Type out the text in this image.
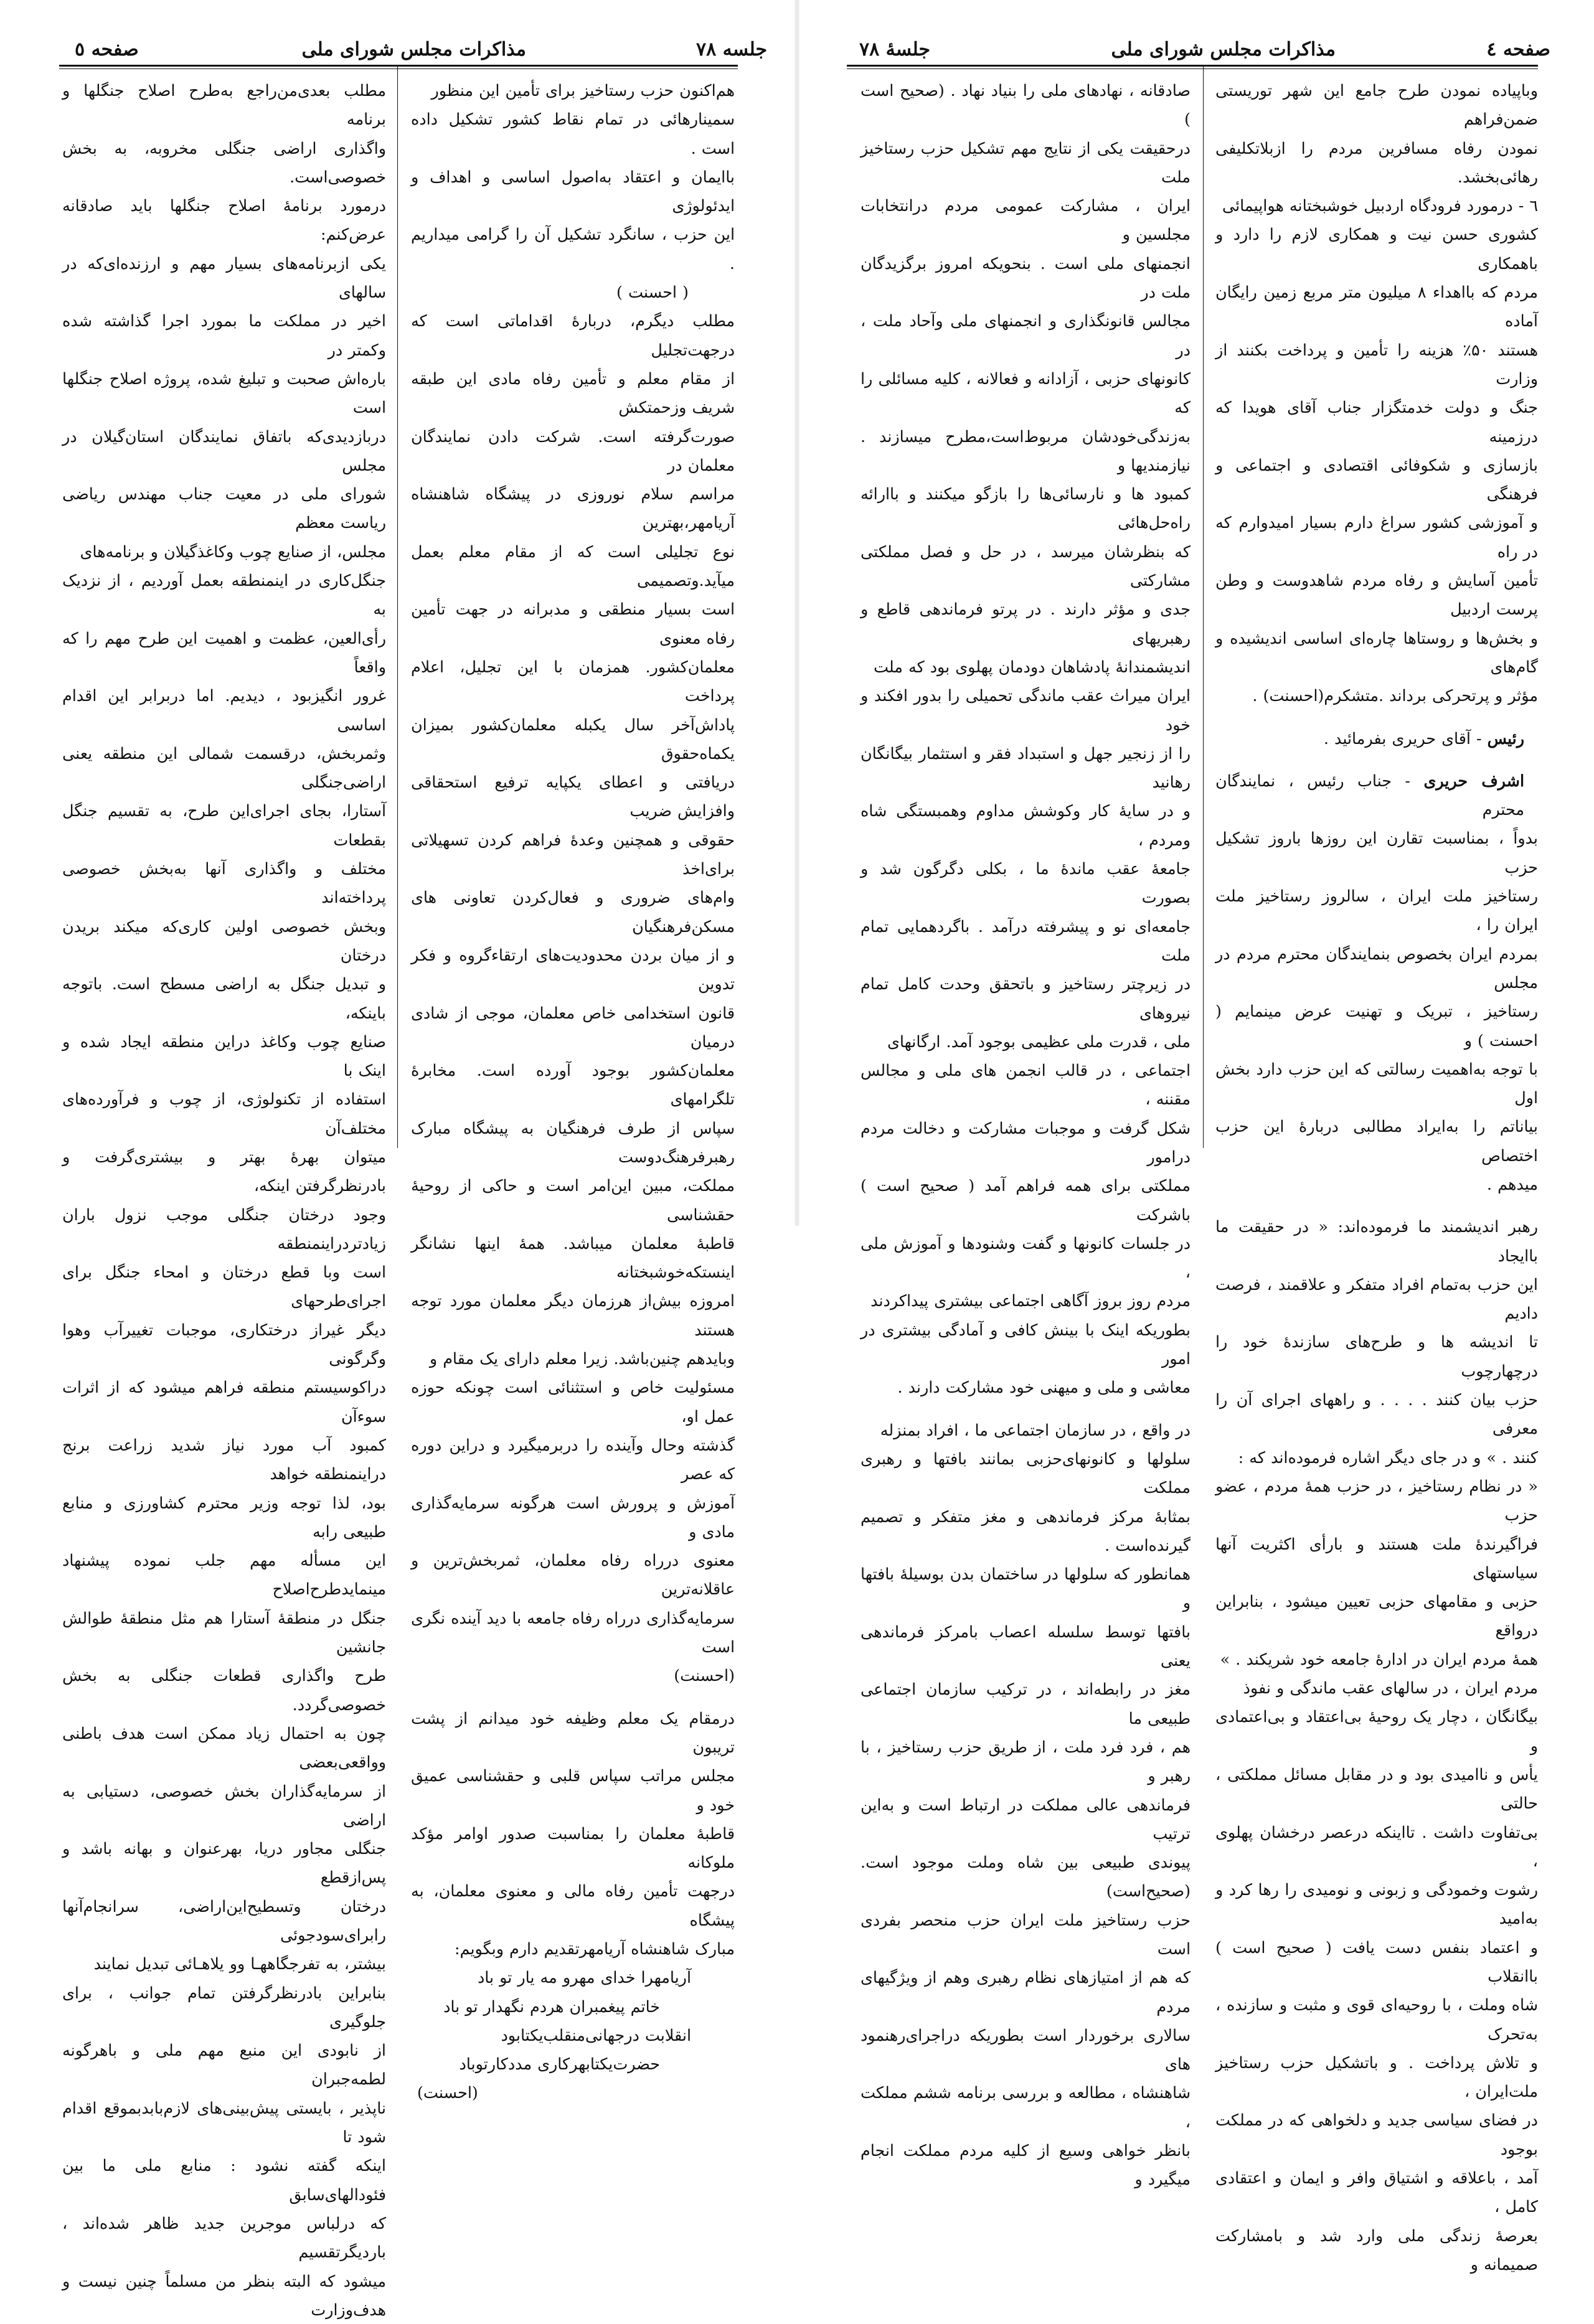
جلسه ۷۸
مذاکرات مجلس شورای ملی
صفحه ٥

هم‌اکنون حزب رستاخیز برای تأمین این منظور

سمینارهائی در تمام نقاط کشور تشکیل داده است .

باایمان و اعتقاد به‌اصول اساسی و اهداف و ایدئولوژی

این حزب ، سانگرد تشکیل آن را گرامی میداریم .

( احسنت )

مطلب دیگرم، دربارهٔ اقداماتی است که درجهت‌تجلیل

از مقام معلم و تأمین رفاه مادی این طبقه شریف وزحمتکش

صورت‌گرفته است. شرکت دادن نمایندگان معلمان در

مراسم سلام نوروزی در پیشگاه شاهنشاه آریامهر،بهترین

نوع تجلیلی است که از مقام معلم بعمل میآید.وتصمیمی

است بسیار منطقی و مدبرانه در جهت تأمین رفاه معنوی

معلمان‌کشور. همزمان با این تجلیل، اعلام پرداخت

پاداش‌آخر سال یکبله معلمان‌کشور بمیزان یکماه‌حقوق

دریافتی و اعطای یکپایه ترفیع استحقاقی وافزایش ضریب

حقوقی و همچنین وعدهٔ فراهم کردن تسهیلاتی برای‌اخذ

وام‌های ضروری و فعال‌کردن تعاونی های مسکن‌فرهنگیان

و از میان بردن محدودیت‌های ارتقاءگروه و فکر تدوین

قانون استخدامی خاص معلمان، موجی از شادی درمیان

معلمان‌کشور بوجود آورده است. مخابرهٔ تلگرامهای

سپاس از طرف فرهنگیان به پیشگاه مبارک رهبرفرهنگ‌دوست

مملکت، مبین این‌امر است و حاکی از روحیهٔ حقشناسی

قاطبهٔ معلمان میباشد. همهٔ اینها نشانگر اینستکه‌خوشبختانه

امروزه بیش‌از هرزمان دیگر معلمان مورد توجه هستند

وبایدهم چنین‌باشد. زیرا معلم دارای یک مقام و

مسئولیت خاص و استثنائی است چونکه حوزه عمل او،

گذشته وحال وآینده را دربرمیگیرد و دراین دوره که عصر

آموزش و پرورش است هرگونه سرمایه‌گذاری مادی و

معنوی درراه رفاه معلمان، ثمربخش‌ترین و عاقلانه‌ترین

سرمایه‌گذاری درراه رفاه جامعه با دید آینده نگری است

(احسنت)

درمقام یک معلم وظیفه خود میدانم از پشت تریبون

مجلس مراتب سپاس قلبی و حقشناسی عمیق خود و

قاطبهٔ معلمان را بمناسبت صدور اوامر مؤکد ملوکانه

درجهت تأمین رفاه مالی و معنوی معلمان، به پیشگاه

مبارک شاهنشاه آریامهرتقدیم دارم وبگویم:

آریامهرا خدای مهرو مه یار تو باد

خاتم پیغمبران هردم نگهدار تو باد

انقلابت درجهانی‌منقلب‌یکتابود

حضرت‌یکتابهرکاری مددکارتوباد

(احسنت)

مطلب بعدی‌من‌راجع به‌طرح اصلاح جنگلها و برنامه

واگذاری اراضی جنگلی مخروبه، به بخش خصوصی‌است.

درمورد برنامهٔ اصلاح جنگلها باید صادقانه عرض‌کنم:

یکی ازبرنامه‌های بسیار مهم و ارزنده‌ای‌که در سالهای

اخیر در مملکت ما بمورد اجرا گذاشته شده وکمتر در

باره‌اش صحبت و تبلیغ شده، پروژه اصلاح جنگلها است

دربازدیدی‌که باتفاق نمایندگان استان‌گیلان در مجلس

شورای ملی در معیت جناب مهندس ریاضی ریاست معظم

مجلس، از صنایع چوب وکاغذگیلان و برنامه‌های

جنگل‌کاری در اینمنطقه بعمل آوردیم ، از نزدیک به

رأی‌العین، عظمت و اهمیت این طرح مهم را که واقعاً

غرور انگیزبود ، دیدیم. اما دربرابر این اقدام اساسی

وثمربخش، درقسمت شمالی این منطقه یعنی اراضی‌جنگلی

آستارا، بجای اجرای‌این طرح، به تقسیم جنگل بقطعات

مختلف و واگذاری آنها به‌بخش خصوصی پرداخته‌اند

وبخش خصوصی اولین کاری‌که میکند بریدن درختان

و تبدیل جنگل به اراضی مسطح است. باتوجه باینکه،

صنایع چوب وکاغذ دراین منطقه ایجاد شده و اینک با

استفاده از تکنولوژی، از چوب و فرآورده‌های مختلف‌آن

میتوان بهرهٔ بهتر و بیشتری‌گرفت و بادرنظرگرفتن اینکه،

وجود درختان جنگلی موجب نزول باران زیادتردراینمنطقه

است وبا قطع درختان و امحاء جنگل برای اجرای‌طرحهای

دیگر غیراز درختکاری، موجبات تغییرآب وهوا وگرگونی

درا‌کوسیستم منطقه فراهم میشود که از اثرات سوءآن

کمبود آب مورد نیاز شدید زراعت برنج دراینمنطقه خواهد

بود، لذا توجه وزیر محترم کشاورزی و منابع طبیعی رابه

این مسأله مهم جلب نموده پیشنهاد مینمایدطرح‌اصلاح

جنگل در منطقهٔ آستارا هم مثل منطقهٔ طوالش جانشین

طرح واگذاری قطعات جنگلی به بخش خصوصی‌گردد.

چون به احتمال زیاد ممکن است هدف باطنی وواقعی‌بعضی

از سرمایه‌گذاران بخش خصوصی، دستیابی به اراضی

جنگلی مجاور دریا، بهرعنوان و بهانه باشد و پس‌ازقطع

درختان وتسطیح‌این‌اراضی، سرانجام‌آنها رابرای‌سودجوئی

بیشتر، به تفرجگاههـا وو یلاهـائی تبدیل نمایند

بنابراین بادرنظرگرفتن تمام جوانب ، برای جلوگیری

از نابودی این منبع مهم ملی و باهرگونه لطمه‌جبران

ناپذیر ، بایستی پیش‌بینی‌های لازم‌بابدبموقع اقدام شود تا

اینکه گفته نشود : منابع ملی ما بین فئودالهای‌سابق

که درلباس موجرین جدید ظاهر شده‌اند ، باردیگرتقسیم

میشود که البته بنظر من مسلماً چنین نیست و هدف‌وزارت

صفحه ٤
مذاکرات مجلس شورای ملی
جلسهٔ ۷۸

وباپیاده نمودن طرح جامع این شهر توریستی ضمن‌فراهم

نمودن رفاه مسافرین مردم را ازبلاتکلیفی رهائی‌بخشد.

٦ - درمورد فرودگاه اردبیل خوشبختانه هواپیمائی

کشوری حسن نیت و همکاری لازم را دارد و باهمکاری

مردم که بااهداء ۸ میلیون متر مربع زمین رایگان آماده

هستند ۵۰٪ هزینه را تأمین و پرداخت بکنند از وزارت

جنگ و دولت خدمتگزار جناب آقای هویدا که درزمینه

بازسازی و شکوفائی اقتصادی و اجتماعی و فرهنگی

و آموزشی کشور سراغ دارم بسیار امیدوارم که در راه

تأمین آسایش و رفاه مردم شاهدوست و وطن پرست اردبیل

و بخش‌ها و روستاها چاره‌ای اساسی اندیشیده و گام‌های

مؤثر و پرتحرکی برداند .متشکرم(احسنت) .

رئیس - آقای حریری بفرمائید .

اشرف حریری - جناب رئیس ، نمایندگان محترم

بدواً ، بمناسبت تقارن این روزها باروز تشکیل حزب

رستاخیز ملت ایران ، سالروز رستاخیز ملت ایران را ،

بمردم ایران بخصوص بنمایندگان محترم مردم در مجلس

رستاخیز ، تبریک و تهنیت عرض مینمایم ( احسنت ) و

با توجه به‌اهمیت رسالتی که این حزب دارد بخش اول

بیاناتم را به‌ایراد مطالبی دربارهٔ این حزب اختصاص

میدهم .

رهبر اندیشمند ما فرموده‌اند: « در حقیقت ما باایجاد

این حزب به‌تمام افراد متفکر و علاقمند ، فرصت دادیم

تا اندیشه ها و طرح‌های سازندهٔ خود را درچهارچوب

حزب بیان کنند . . . . و راههای اجرای آن را معرفی

کنند . » و در جای دیگر اشاره فرموده‌اند که :

« در نظام رستاخیز ، در حزب همهٔ مردم ، عضو حزب

فراگیرندهٔ ملت هستند و بارأی اکثریت آنها سیاستهای

حزبی و مقامهای حزبی تعیین میشود ، بنابراین درواقع

همهٔ مردم ایران در ادارهٔ جامعه خود شریکند . »

مردم ایران ، در سالهای عقب ماندگی و نفوذ

بیگانگان ، دچار یک روحیهٔ بی‌اعتقاد و بی‌اعتمادی و

یأس و ناامیدی بود و در مقابل مسائل مملکتی ، حالتی

بی‌تفاوت داشت . تااینکه درعصر درخشان پهلوی ،

رشوت وخمودگی و زبونی و نومیدی را رها کرد و به‌امید

و اعتماد بنفس دست یافت ( صحیح است ) باانقلاب

شاه وملت ، با روحیه‌ای قوی و مثبت و سازنده ، به‌تحرک

و تلاش پرداخت . و باتشکیل حزب رستاخیز ملت‌ایران ،

در فضای سیاسی جدید و دلخواهی که در مملکت بوجود

آمد ، باعلاقه و اشتیاق وافر و ایمان و اعتقادی کامل ،

بعرصهٔ زندگی ملی وارد شد و بامشارکت صمیمانه و

صادقانه ، نهادهای ملی را بنیاد نهاد . (صحیح است )

درحقیقت یکی از نتایج مهم تشکیل حزب رستاخیز ملت

ایران ، مشارکت عمومی مردم درانتخابات مجلسین و

انجمنهای ملی است . بنحویکه امروز برگزیدگان ملت در

مجالس قانونگذاری و انجمنهای ملی وآحاد ملت ، در

کانونهای حزبی ، آزادانه و فعالانه ، کلیه مسائلی را که

به‌زندگی‌خودشان مربوط‌است،مطرح میسازند . نیازمندیها و

کمبود ها و نارسائی‌ها را بازگو میکنند و باارائه راه‌حل‌هائی

که بنظرشان میرسد ، در حل و فصل مملکتی مشارکتی

جدی و مؤثر دارند . در پرتو فرماندهی قاطع و رهبریهای

اندیشمندانهٔ پادشاهان دودمان پهلوی بود که ملت

ایران میراث عقب ماندگی تحمیلی را بدور افکند و خود

را از زنجیر جهل و استبداد فقر و استثمار بیگانگان رهانید

و در سایهٔ کار وکوشش مداوم وهمبستگی شاه ومردم ،

جامعهٔ عقب ماندهٔ ما ، بکلی دگرگون شد و بصورت

جامعه‌ای نو و پیشرفته درآمد . باگردهمایی تمام ملت

در زیرچتر رستاخیز و باتحقق وحدت کامل تمام نیروهای

ملی ، قدرت ملی عظیمی بوجود آمد. ارگانهای

اجتماعی ، در قالب انجمن های ملی و مجالس مقننه ،

شکل گرفت و موجبات مشارکت و دخالت مردم درامور

مملکتی برای همه فراهم آمد ( صحیح است ) باشرکت

در جلسات کانونها و گفت وشنودها و آموزش ملی ،

مردم روز بروز آگاهی اجتماعی بیشتری پیداکردند

بطوریکه اینک با بینش کافی و آمادگی بیشتری در امور

معاشی و ملی و میهنی خود مشارکت دارند .

در واقع ، در سازمان اجتماعی ما ، افراد بمنزله

سلولها و کانونهای‌حزبی بمانند بافتها و رهبری مملکت

بمثابهٔ مرکز فرماندهی و مغز متفکر و تصمیم گیرنده‌است .

همانطور که سلولها در ساختمان بدن بوسیلهٔ بافتها و

بافتها توسط سلسله اعصاب بامرکز فرماندهی یعنی

مغز در رابطه‌اند ، در ترکیب سازمان اجتماعی طبیعی ما

هم ، فرد فرد ملت ، از طریق حزب رستاخیز ، با رهبر و

فرماندهی عالی مملکت در ارتباط است و به‌این ترتیب

پیوندی طبیعی بین شاه وملت موجود است. (صحیح‌است)

حزب رستاخیز ملت ایران حزب منحصر بفردی است

که هم از امتیازهای نظام رهبری وهم از ویژگیهای مردم

سالاری برخوردار است بطوریکه دراجرای‌رهنمود های

شاهنشاه ، مطالعه و بررسی برنامه ششم مملکت ،

بانظر خواهی وسیع از کلیه مردم مملکت انجام میگیرد و
